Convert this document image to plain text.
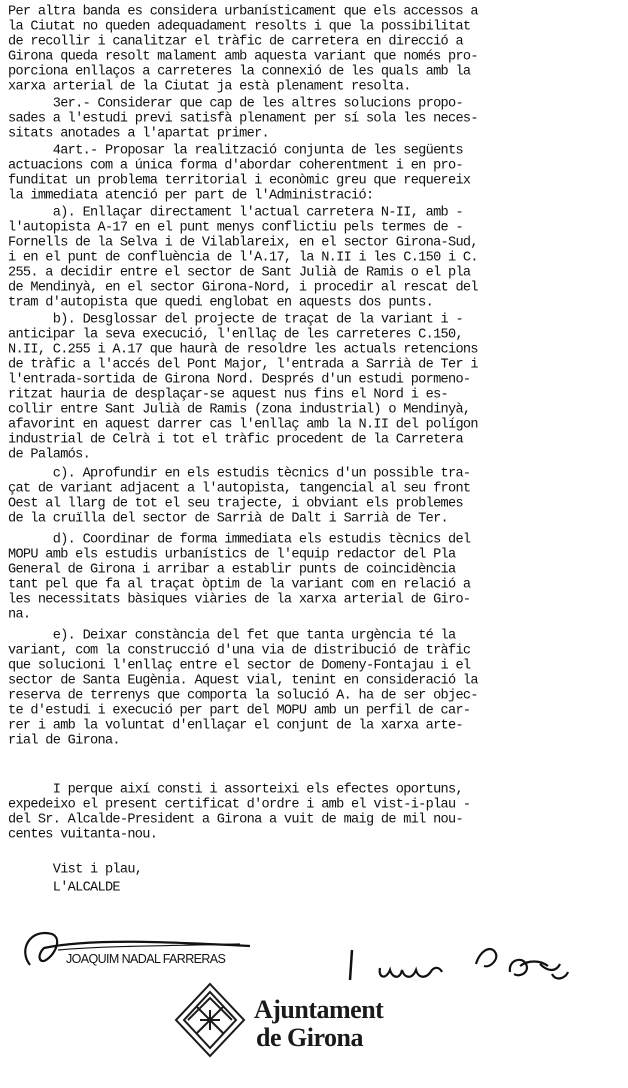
Per altra banda es considera urbanísticament que els accessos a
la Ciutat no queden adequadament resolts i que la possibilitat
de recollir i canalitzar el tràfic de carretera en direcció a
Girona queda resolt malament amb aquesta variant que només pro-
porciona enllaços a carreteres la connexió de les quals amb la
xarxa arterial de la Ciutat ja està plenament resolta.
3er.- Considerar que cap de les altres solucions propo-
sades a l'estudi previ satisfà plenament per sí sola les neces-
sitats anotades a l'apartat primer.
4art.- Proposar la realització conjunta de les següents
actuacions com a única forma d'abordar coherentment i en pro-
funditat un problema territorial i econòmic greu que requereix
la immediata atenció per part de l'Administració:
a). Enllaçar directament l'actual carretera N-II, amb -
l'autopista A-17 en el punt menys conflictiu pels termes de -
Fornells de la Selva i de Vilablareix, en el sector Girona-Sud,
i en el punt de confluència de l'A.17, la N.II i les C.150 i C.
255. a decidir entre el sector de Sant Julià de Ramis o el pla
de Mendinyà, en el sector Girona-Nord, i procedir al rescat del
tram d'autopista que quedi englobat en aquests dos punts.
b). Desglossar del projecte de traçat de la variant i -
anticipar la seva execució, l'enllaç de les carreteres C.150,
N.II, C.255 i A.17 que haurà de resoldre les actuals retencions
de tràfic a l'accés del Pont Major, l'entrada a Sarrià de Ter i
l'entrada-sortida de Girona Nord. Després d'un estudi pormeno-
ritzat hauria de desplaçar-se aquest nus fins el Nord i es-
collir entre Sant Julià de Ramis (zona industrial) o Mendinyà,
afavorint en aquest darrer cas l'enllaç amb la N.II del polígon
industrial de Celrà i tot el tràfic procedent de la Carretera
de Palamós.
c). Aprofundir en els estudis tècnics d'un possible tra-
çat de variant adjacent a l'autopista, tangencial al seu front
Oest al llarg de tot el seu trajecte, i obviant els problemes
de la cruïlla del sector de Sarrià de Dalt i Sarrià de Ter.
d). Coordinar de forma immediata els estudis tècnics del
MOPU amb els estudis urbanístics de l'equip redactor del Pla
General de Girona i arribar a establir punts de coincidència
tant pel que fa al traçat òptim de la variant com en relació a
les necessitats bàsiques viàries de la xarxa arterial de Giro-
na.
e). Deixar constància del fet que tanta urgència té la
variant, com la construcció d'una via de distribució de tràfic
que solucioni l'enllaç entre el sector de Domeny-Fontajau i el
sector de Santa Eugènia. Aquest vial, tenint en consideració la
reserva de terrenys que comporta la solució A. ha de ser objec-
te d'estudi i execució per part del MOPU amb un perfil de car-
rer i amb la voluntat d'enllaçar el conjunt de la xarxa arte-
rial de Girona.
I perque així consti i assorteixi els efectes oportuns,
expedeixo el present certificat d'ordre i amb el vist-i-plau -
del Sr. Alcalde-President a Girona a vuit de maig de mil nou-
centes vuitanta-nou.
Vist i plau,
L'ALCALDE
JOAQUIM NADAL FARRERAS
Ajuntament
de Girona
